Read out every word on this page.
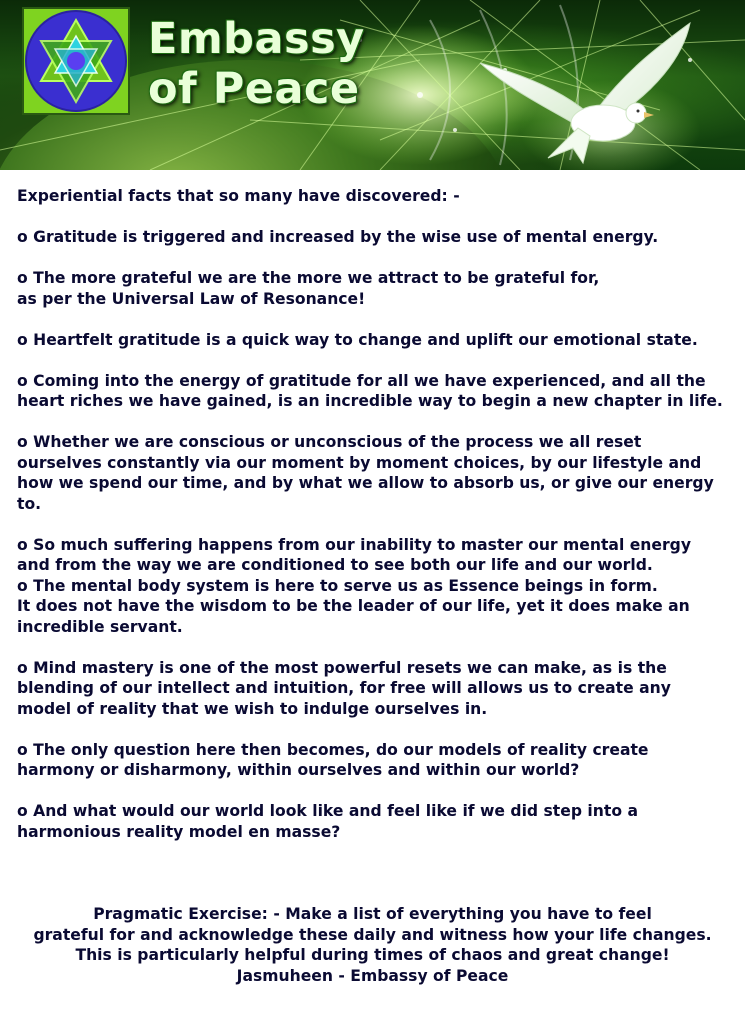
Embassy
of Peace

Experiential facts that so many have discovered: -

o Gratitude is triggered and increased by the wise use of mental energy.

o The more grateful we are the more we attract to be grateful for,
as per the Universal Law of Resonance!

o Heartfelt gratitude is a quick way to change and uplift our emotional state.

o Coming into the energy of gratitude for all we have experienced, and all the
heart riches we have gained, is an incredible way to begin a new chapter in life.

o Whether we are conscious or unconscious of the process we all reset
ourselves constantly via our moment by moment choices, by our lifestyle and
how we spend our time, and by what we allow to absorb us, or give our energy
to.

o So much suffering happens from our inability to master our mental energy
and from the way we are conditioned to see both our life and our world.

o The mental body system is here to serve us as Essence beings in form.
It does not have the wisdom to be the leader of our life, yet it does make an
incredible servant.

o Mind mastery is one of the most powerful resets we can make, as is the
blending of our intellect and intuition, for free will allows us to create any
model of reality that we wish to indulge ourselves in.

o The only question here then becomes, do our models of reality create
harmony or disharmony, within ourselves and within our world?

o And what would our world look like and feel like if we did step into a
harmonious reality model en masse?

Pragmatic Exercise: - Make a list of everything you have to feel
grateful for and acknowledge these daily and witness how your life changes.
This is particularly helpful during times of chaos and great change!
Jasmuheen - Embassy of Peace
